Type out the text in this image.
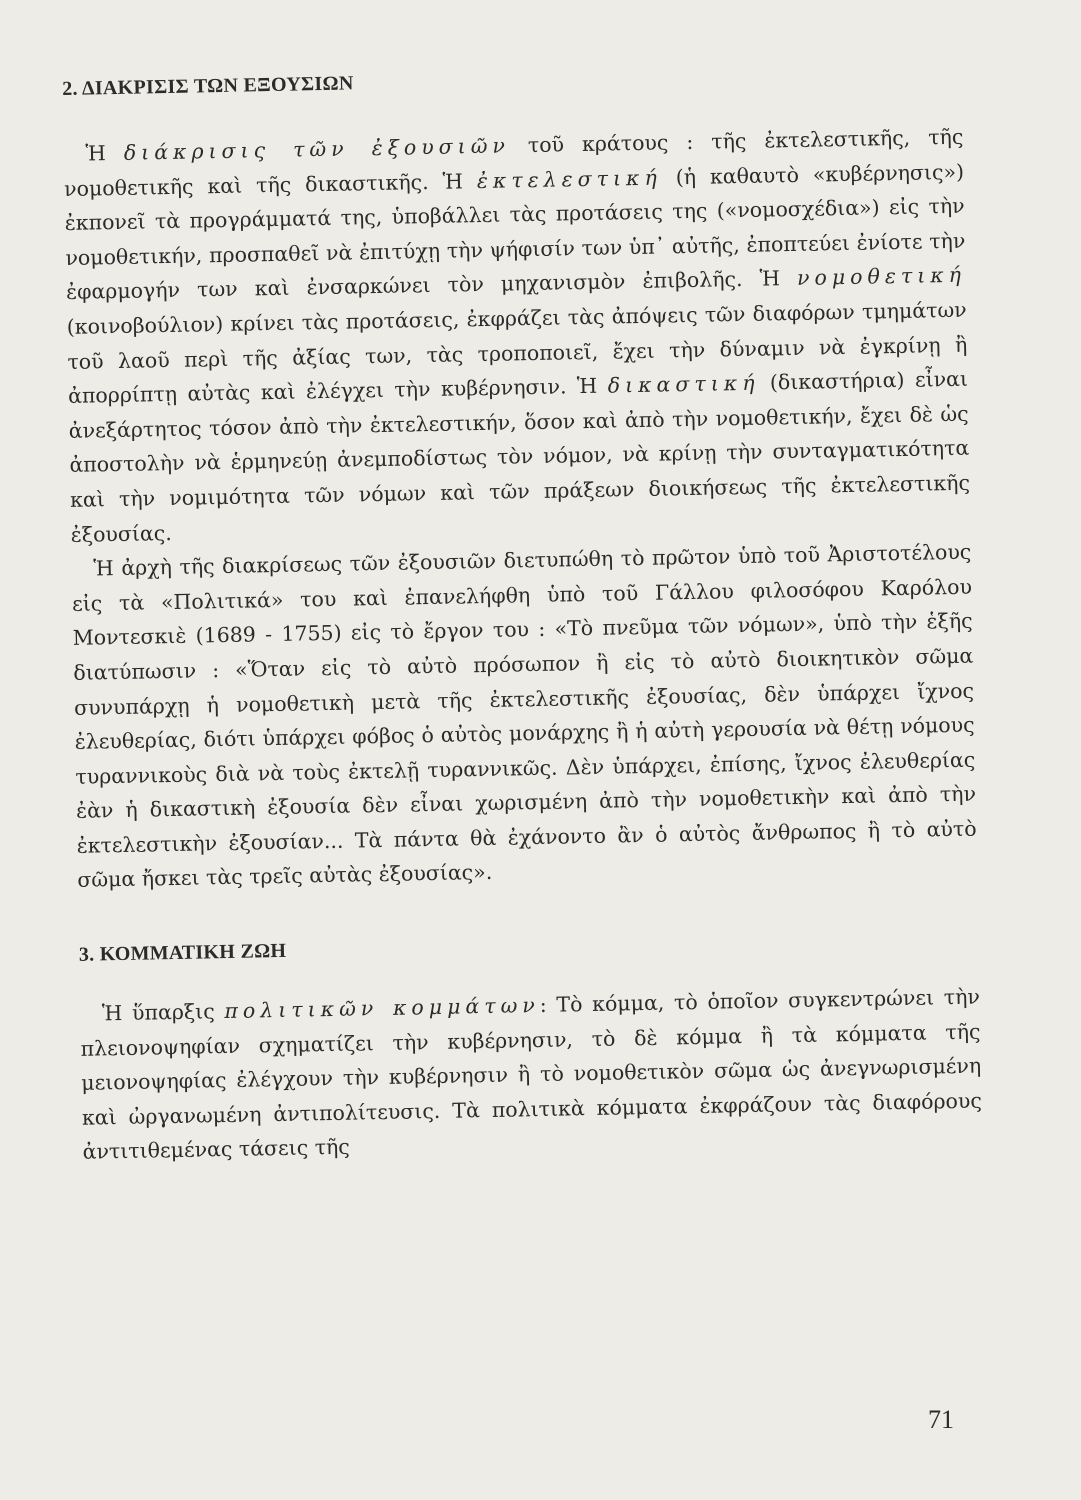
2. ΔΙΑΚΡΙΣΙΣ ΤΩΝ ΕΞΟΥΣΙΩΝ

Ἡ διάκρισις τῶν ἐξουσιῶν τοῦ κράτους : τῆς ἐκτελεστικῆς, τῆς νομοθετικῆς καὶ τῆς δικαστικῆς. Ἡ ἐκτελεστική (ἡ καθαυτὸ «κυβέρνησις») ἐκπονεῖ τὰ προγράμματά της, ὑποβάλλει τὰς προτάσεις της («νομοσχέδια») εἰς τὴν νομοθετικήν, προσπαθεῖ νὰ ἐπιτύχῃ τὴν ψήφισίν των ὑπ᾽ αὐτῆς, ἐποπτεύει ἐνίοτε τὴν ἐφαρμογήν των καὶ ἐνσαρκώνει τὸν μηχανισμὸν ἐπιβολῆς. Ἡ νομοθετική (κοινοβούλιον) κρίνει τὰς προτάσεις, ἐκφράζει τὰς ἀπόψεις τῶν διαφόρων τμημάτων τοῦ λαοῦ περὶ τῆς ἀξίας των, τὰς τροποποιεῖ, ἔχει τὴν δύναμιν νὰ ἐγκρίνῃ ἢ ἀπορρίπτῃ αὐτὰς καὶ ἐλέγχει τὴν κυβέρνησιν. Ἡ δικαστική (δικαστήρια) εἶναι ἀνεξάρτητος τόσον ἀπὸ τὴν ἐκτελεστικήν, ὅσον καὶ ἀπὸ τὴν νομοθετικήν, ἔχει δὲ ὡς ἀποστολὴν νὰ ἑρμηνεύῃ ἀνεμποδίστως τὸν νόμον, νὰ κρίνῃ τὴν συνταγματικότητα καὶ τὴν νομιμότητα τῶν νόμων καὶ τῶν πράξεων διοικήσεως τῆς ἐκτελεστικῆς ἐξουσίας.

Ἡ ἀρχὴ τῆς διακρίσεως τῶν ἐξουσιῶν διετυπώθη τὸ πρῶτον ὑπὸ τοῦ Ἀριστοτέλους εἰς τὰ «Πολιτικά» του καὶ ἐπανελήφθη ὑπὸ τοῦ Γάλλου φιλοσόφου Καρόλου Μοντεσκιὲ (1689 - 1755) εἰς τὸ ἔργον του : «Τὸ πνεῦμα τῶν νόμων», ὑπὸ τὴν ἑξῆς διατύπωσιν : «Ὅταν εἰς τὸ αὐτὸ πρόσωπον ἢ εἰς τὸ αὐτὸ διοικητικὸν σῶμα συνυπάρχῃ ἡ νομοθετικὴ μετὰ τῆς ἐκτελεστικῆς ἐξουσίας, δὲν ὑπάρχει ἴχνος ἐλευθερίας, διότι ὑπάρχει φόβος ὁ αὐτὸς μονάρχης ἢ ἡ αὐτὴ γερουσία νὰ θέτῃ νόμους τυραννικοὺς διὰ νὰ τοὺς ἐκτελῇ τυραννικῶς. Δὲν ὑπάρχει, ἐπίσης, ἴχνος ἐλευθερίας ἐὰν ἡ δικαστικὴ ἐξουσία δὲν εἶναι χωρισμένη ἀπὸ τὴν νομοθετικὴν καὶ ἀπὸ τὴν ἐκτελεστικὴν ἐξουσίαν... Τὰ πάντα θὰ ἐχάνοντο ἂν ὁ αὐτὸς ἄνθρωπος ἢ τὸ αὐτὸ σῶμα ἤσκει τὰς τρεῖς αὐτὰς ἐξουσίας».

3. ΚΟΜΜΑΤΙΚΗ ΖΩΗ

Ἡ ὕπαρξις πολιτικῶν κομμάτων: Τὸ κόμμα, τὸ ὁποῖον συγκεντρώνει τὴν πλειονοψηφίαν σχηματίζει τὴν κυβέρνησιν, τὸ δὲ κόμμα ἢ τὰ κόμματα τῆς μειονοψηφίας ἐλέγχουν τὴν κυβέρνησιν ἢ τὸ νομοθετικὸν σῶμα ὡς ἀνεγνωρισμένη καὶ ὠργανωμένη ἀντιπολίτευσις. Τὰ πολιτικὰ κόμματα ἐκφράζουν τὰς διαφόρους ἀντιτιθεμένας τάσεις τῆς

71
